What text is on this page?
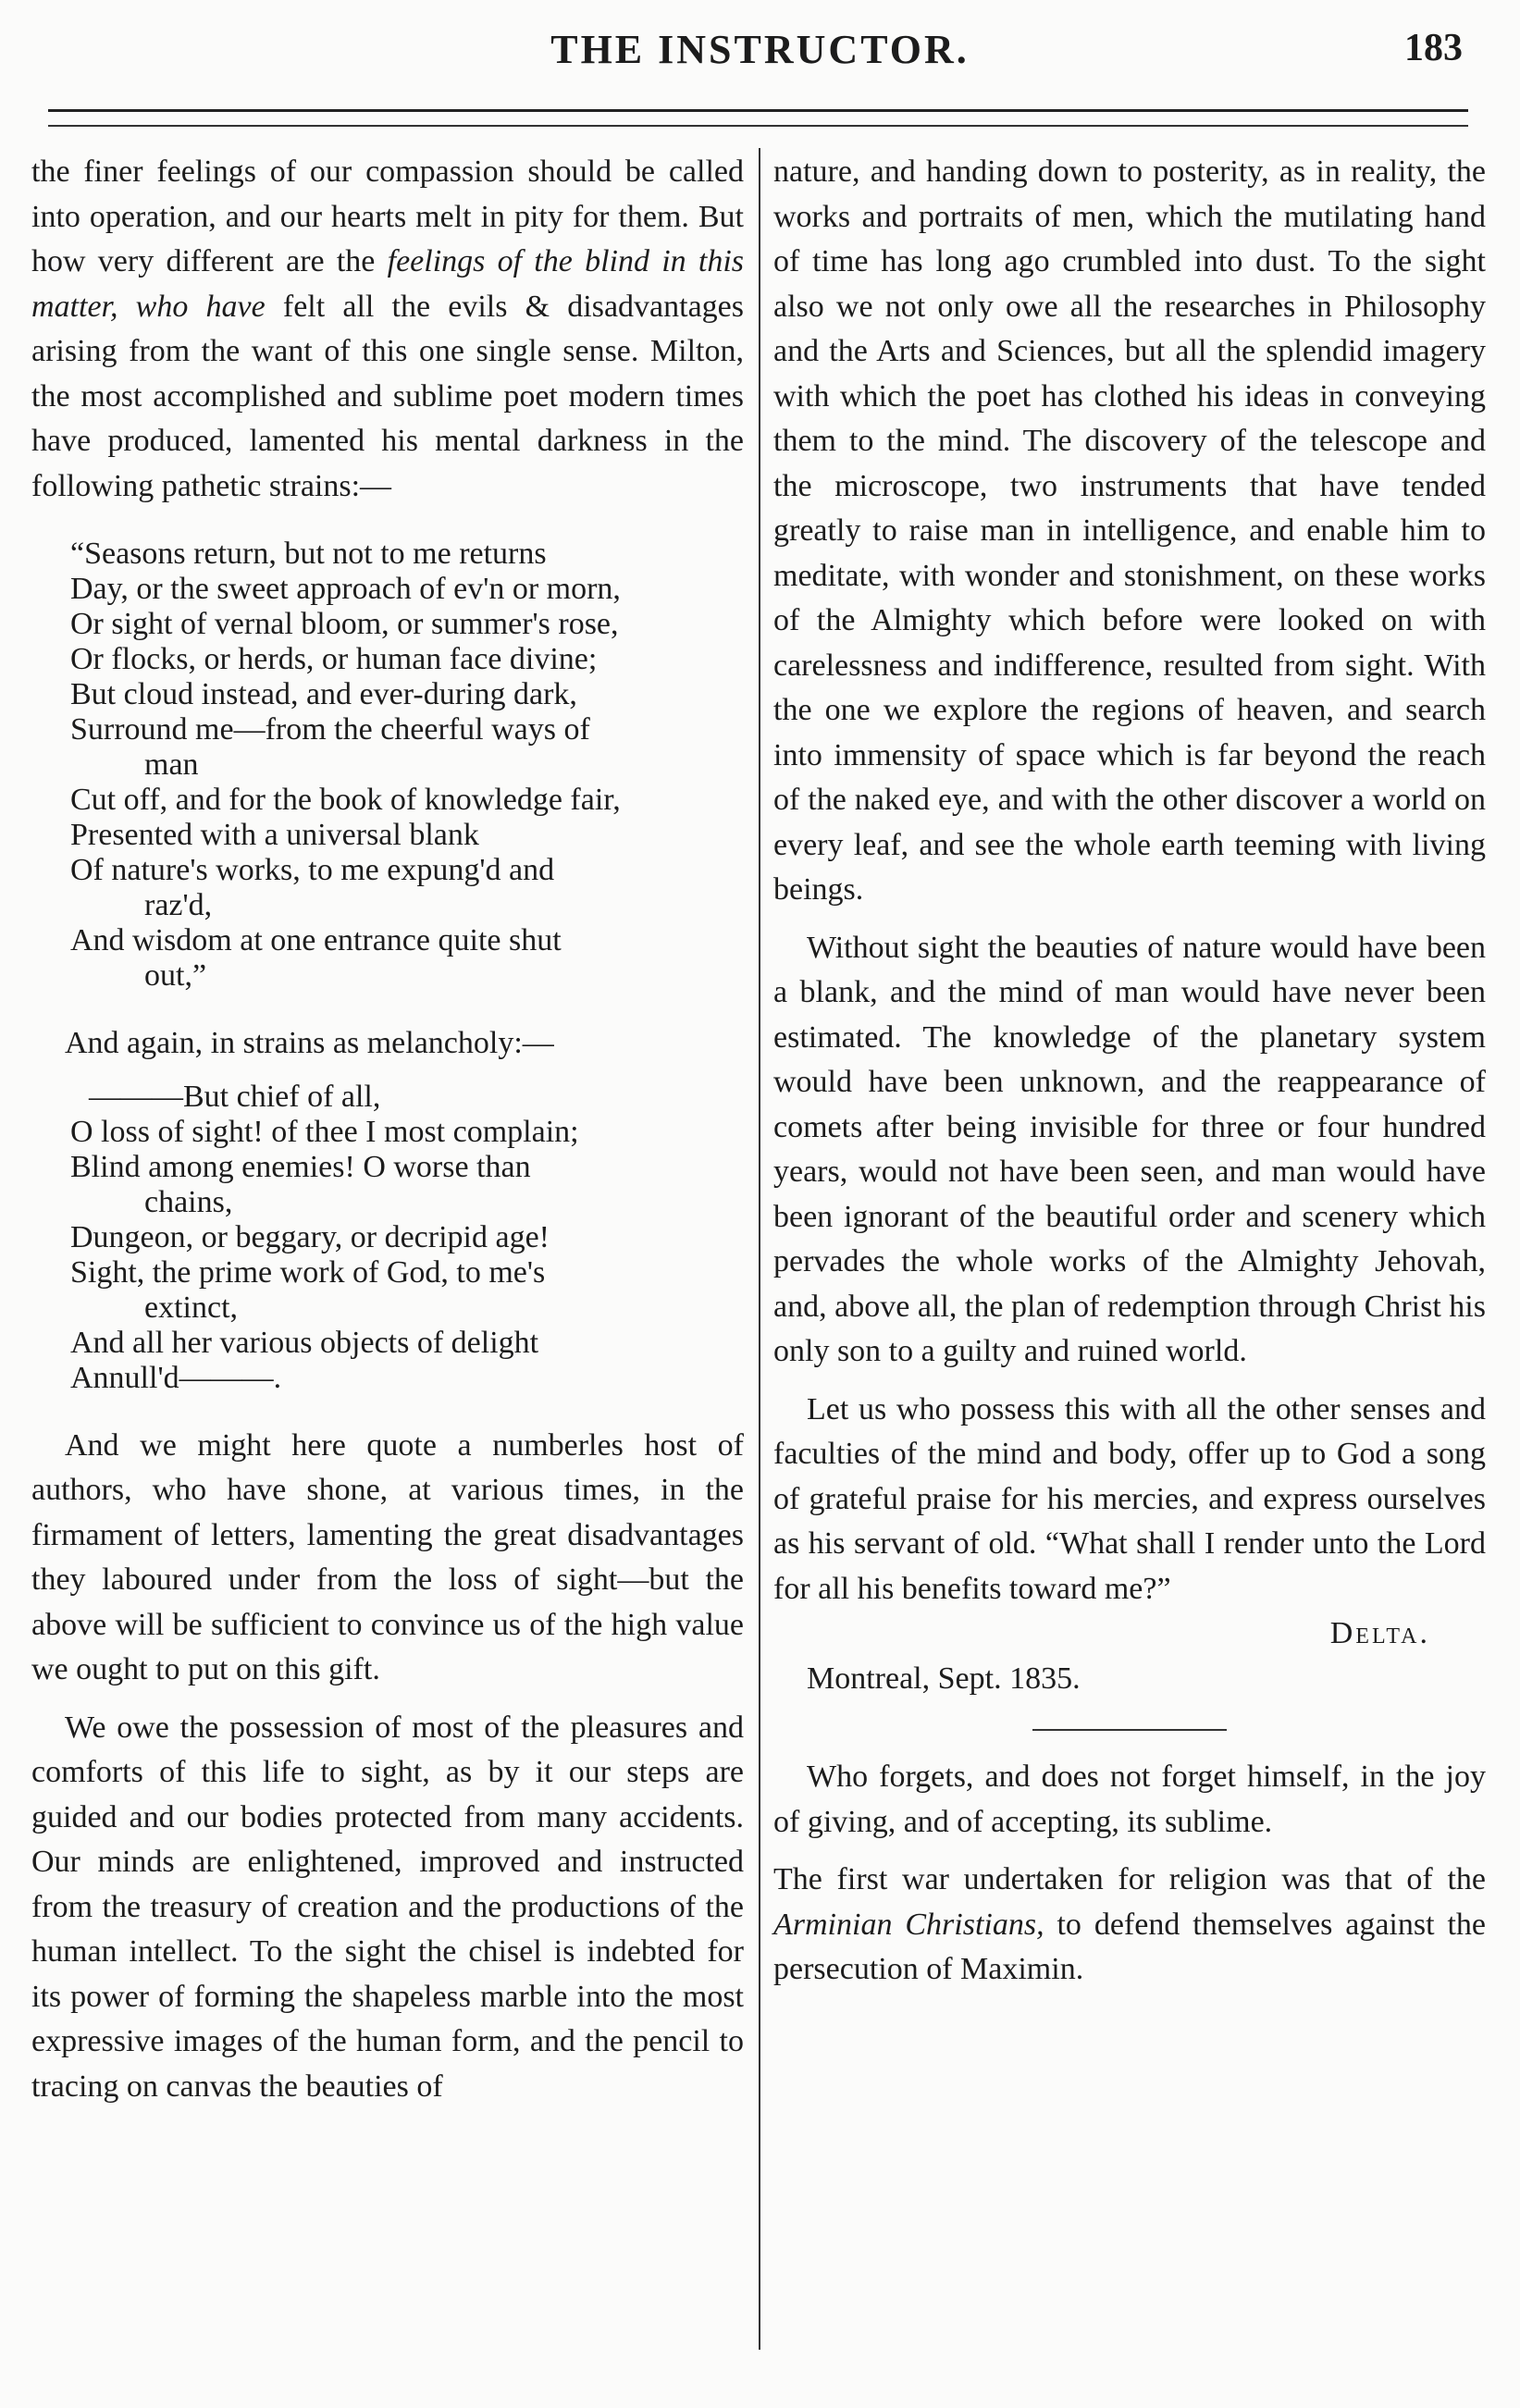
THE INSTRUCTOR.	183

the finer feelings of our compassion should be called into operation, and our hearts melt in pity for them. But how very different are the feelings of the blind in this matter, who have felt all the evils & disadvantages arising from the want of this one single sense. Milton, the most accomplished and sublime poet modern times have produced, lamented his mental darkness in the following pathetic strains:—

“Seasons return, but not to me returns
Day, or the sweet approach of ev'n or morn,
Or sight of vernal bloom, or summer's rose,
Or flocks, or herds, or human face divine;
But cloud instead, and ever-during dark,
Surround me—from the cheerful ways of
man
Cut off, and for the book of knowledge fair,
Presented with a universal blank
Of nature's works, to me expung'd and
raz'd,
And wisdom at one entrance quite shut
out,”

And again, in strains as melancholy:—

———But chief of all,
O loss of sight! of thee I most complain;
Blind among enemies! O worse than
chains,
Dungeon, or beggary, or decripid age!
Sight, the prime work of God, to me's
extinct,
And all her various objects of delight
Annull'd———.

And we might here quote a numberles host of authors, who have shone, at various times, in the firmament of letters, lamenting the great disadvantages they laboured under from the loss of sight—but the above will be sufficient to convince us of the high value we ought to put on this gift.

We owe the possession of most of the pleasures and comforts of this life to sight, as by it our steps are guided and our bodies protected from many accidents. Our minds are enlightened, improved and instructed from the treasury of creation and the productions of the human intellect. To the sight the chisel is indebted for its power of forming the shapeless marble into the most expressive images of the human form, and the pencil to tracing on canvas the beauties of

nature, and handing down to posterity, as in reality, the works and portraits of men, which the mutilating hand of time has long ago crumbled into dust. To the sight also we not only owe all the researches in Philosophy and the Arts and Sciences, but all the splendid imagery with which the poet has clothed his ideas in conveying them to the mind. The discovery of the telescope and the microscope, two instruments that have tended greatly to raise man in intelligence, and enable him to meditate, with wonder and stonishment, on these works of the Almighty which before were looked on with carelessness and indifference, resulted from sight. With the one we explore the regions of heaven, and search into immensity of space which is far beyond the reach of the naked eye, and with the other discover a world on every leaf, and see the whole earth teeming with living beings.

Without sight the beauties of nature would have been a blank, and the mind of man would have never been estimated. The knowledge of the planetary system would have been unknown, and the reappearance of comets after being invisible for three or four hundred years, would not have been seen, and man would have been ignorant of the beautiful order and scenery which pervades the whole works of the Almighty Jehovah, and, above all, the plan of redemption through Christ his only son to a guilty and ruined world.

Let us who possess this with all the other senses and faculties of the mind and body, offer up to God a song of grateful praise for his mercies, and express ourselves as his servant of old. “What shall I render unto the Lord for all his benefits toward me?”

Delta.

Montreal, Sept. 1835.

Who forgets, and does not forget himself, in the joy of giving, and of accepting, its sublime.

The first war undertaken for religion was that of the Arminian Christians, to defend themselves against the persecution of Maximin.
